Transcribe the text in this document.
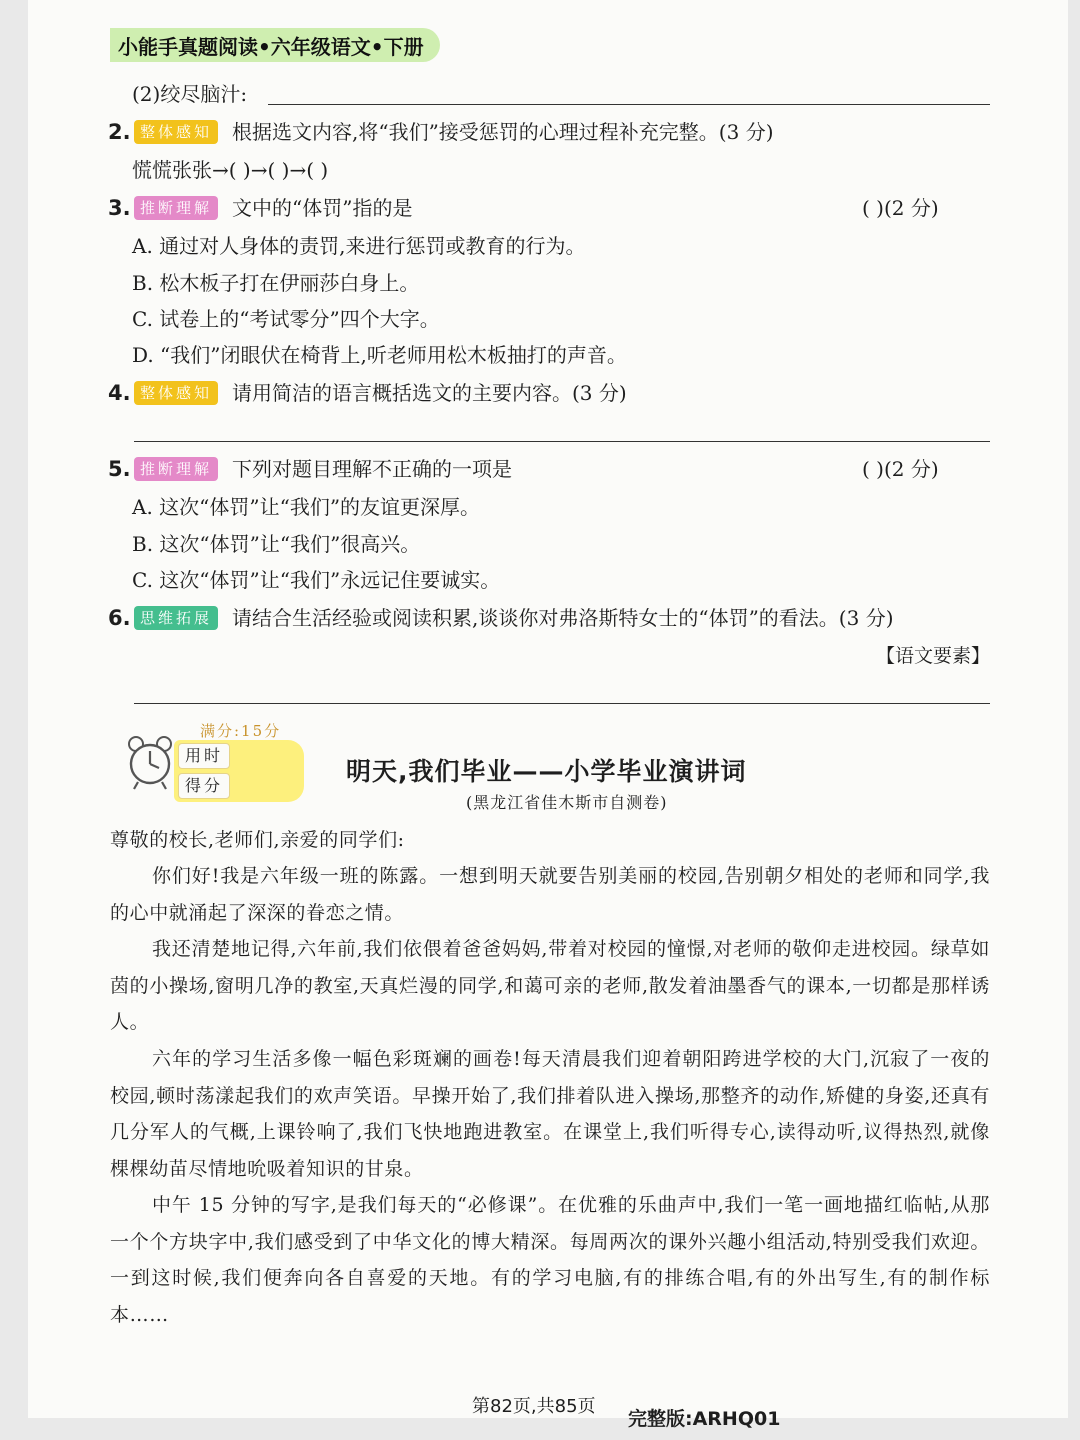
小能手真题阅读•六年级语文•下册
(2)绞尽脑汁:
2. 整体感知 根据选文内容,将“我们”接受惩罚的心理过程补充完整。(3 分)
慌慌张张→( )→( )→( )
3. 推断理解 文中的“体罚”指的是	( )(2 分)
A. 通过对人身体的责罚,来进行惩罚或教育的行为。
B. 松木板子打在伊丽莎白身上。
C. 试卷上的“考试零分”四个大字。
D. “我们”闭眼伏在椅背上,听老师用松木板抽打的声音。
4. 整体感知 请用简洁的语言概括选文的主要内容。(3 分)
5. 推断理解 下列对题目理解不正确的一项是	( )(2 分)
A. 这次“体罚”让“我们”的友谊更深厚。
B. 这次“体罚”让“我们”很高兴。
C. 这次“体罚”让“我们”永远记住要诚实。
6. 思维拓展 请结合生活经验或阅读积累,谈谈你对弗洛斯特女士的“体罚”的看法。(3 分)
【语文要素】
满分:15分
用时
得分	明天,我们毕业——小学毕业演讲词
(黑龙江省佳木斯市自测卷)
尊敬的校长,老师们,亲爱的同学们:
你们好!我是六年级一班的陈露。一想到明天就要告别美丽的校园,告别朝夕相处的老师和同学,我的心中就涌起了深深的眷恋之情。
我还清楚地记得,六年前,我们依偎着爸爸妈妈,带着对校园的憧憬,对老师的敬仰走进校园。绿草如茵的小操场,窗明几净的教室,天真烂漫的同学,和蔼可亲的老师,散发着油墨香气的课本,一切都是那样诱人。
六年的学习生活多像一幅色彩斑斓的画卷!每天清晨我们迎着朝阳跨进学校的大门,沉寂了一夜的校园,顿时荡漾起我们的欢声笑语。早操开始了,我们排着队进入操场,那整齐的动作,矫健的身姿,还真有几分军人的气概,上课铃响了,我们飞快地跑进教室。在课堂上,我们听得专心,读得动听,议得热烈,就像棵棵幼苗尽情地吮吸着知识的甘泉。
中午 15 分钟的写字,是我们每天的“必修课”。在优雅的乐曲声中,我们一笔一画地描红临帖,从那一个个方块字中,我们感受到了中华文化的博大精深。每周两次的课外兴趣小组活动,特别受我们欢迎。一到这时候,我们便奔向各自喜爱的天地。有的学习电脑,有的排练合唱,有的外出写生,有的制作标本……
第82页,共85页
完整版:ARHQ01
